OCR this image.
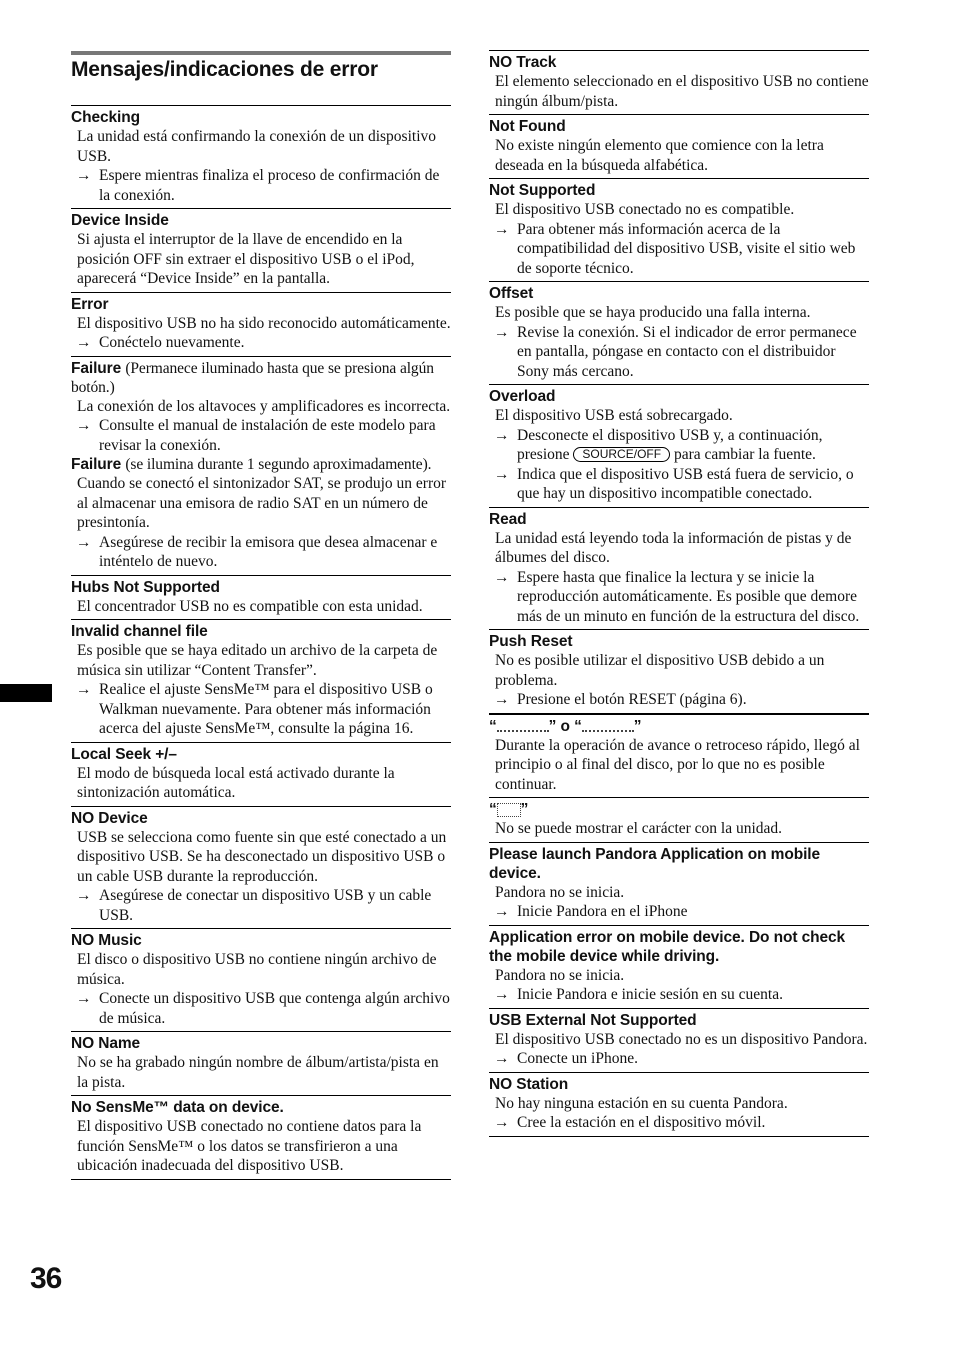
Mensajes/indicaciones de error
Checking
La unidad está confirmando la conexión de un dispositivo USB.
→ Espere mientras finaliza el proceso de confirmación de la conexión.
Device Inside
Si ajusta el interruptor de la llave de encendido en la posición OFF sin extraer el dispositivo USB o el iPod, aparecerá “Device Inside” en la pantalla.
Error
El dispositivo USB no ha sido reconocido automáticamente.
→ Conéctelo nuevamente.
Failure (Permanece iluminado hasta que se presiona algún botón.)
La conexión de los altavoces y amplificadores es incorrecta.
→ Consulte el manual de instalación de este modelo para revisar la conexión.
Failure (se ilumina durante 1 segundo aproximadamente).
Cuando se conectó el sintonizador SAT, se produjo un error al almacenar una emisora de radio SAT en un número de presintonía.
→ Asegúrese de recibir la emisora que desea almacenar e inténtelo de nuevo.
Hubs Not Supported
El concentrador USB no es compatible con esta unidad.
Invalid channel file
Es posible que se haya editado un archivo de la carpeta de música sin utilizar “Content Transfer”.
→ Realice el ajuste SensMe™ para el dispositivo USB o Walkman nuevamente. Para obtener más información acerca del ajuste SensMe™, consulte la página 16.
Local Seek +/–
El modo de búsqueda local está activado durante la sintonización automática.
NO Device
USB se selecciona como fuente sin que esté conectado a un dispositivo USB. Se ha desconectado un dispositivo USB o un cable USB durante la reproducción.
→ Asegúrese de conectar un dispositivo USB y un cable USB.
NO Music
El disco o dispositivo USB no contiene ningún archivo de música.
→ Conecte un dispositivo USB que contenga algún archivo de música.
NO Name
No se ha grabado ningún nombre de álbum/artista/pista en la pista.
No SensMe™ data on device.
El dispositivo USB conectado no contiene datos para la función SensMe™ o los datos se transfirieron a una ubicación inadecuada del dispositivo USB.
NO Track
El elemento seleccionado en el dispositivo USB no contiene ningún álbum/pista.
Not Found
No existe ningún elemento que comience con la letra deseada en la búsqueda alfabética.
Not Supported
El dispositivo USB conectado no es compatible.
→ Para obtener más información acerca de la compatibilidad del dispositivo USB, visite el sitio web de soporte técnico.
Offset
Es posible que se haya producido una falla interna.
→ Revise la conexión. Si el indicador de error permanece en pantalla, póngase en contacto con el distribuidor Sony más cercano.
Overload
El dispositivo USB está sobrecargado.
→ Desconecte el dispositivo USB y, a continuación, presione SOURCE/OFF para cambiar la fuente.
→ Indica que el dispositivo USB está fuera de servicio, o que hay un dispositivo incompatible conectado.
Read
La unidad está leyendo toda la información de pistas y de álbumes del disco.
→ Espere hasta que finalice la lectura y se inicie la reproducción automáticamente. Es posible que demore más de un minuto en función de la estructura del disco.
Push Reset
No es posible utilizar el dispositivo USB debido a un problema.
→ Presione el botón RESET (página 6).
“	” o “	”
Durante la operación de avance o retroceso rápido, llegó al principio o al final del disco, por lo que no es posible continuar.
“ ”
No se puede mostrar el carácter con la unidad.
Please launch Pandora Application on mobile device.
Pandora no se inicia.
→ Inicie Pandora en el iPhone
Application error on mobile device. Do not check the mobile device while driving.
Pandora no se inicia.
→ Inicie Pandora e inicie sesión en su cuenta.
USB External Not Supported
El dispositivo USB conectado no es un dispositivo Pandora.
→ Conecte un iPhone.
NO Station
No hay ninguna estación en su cuenta Pandora.
→ Cree la estación en el dispositivo móvil.
36
